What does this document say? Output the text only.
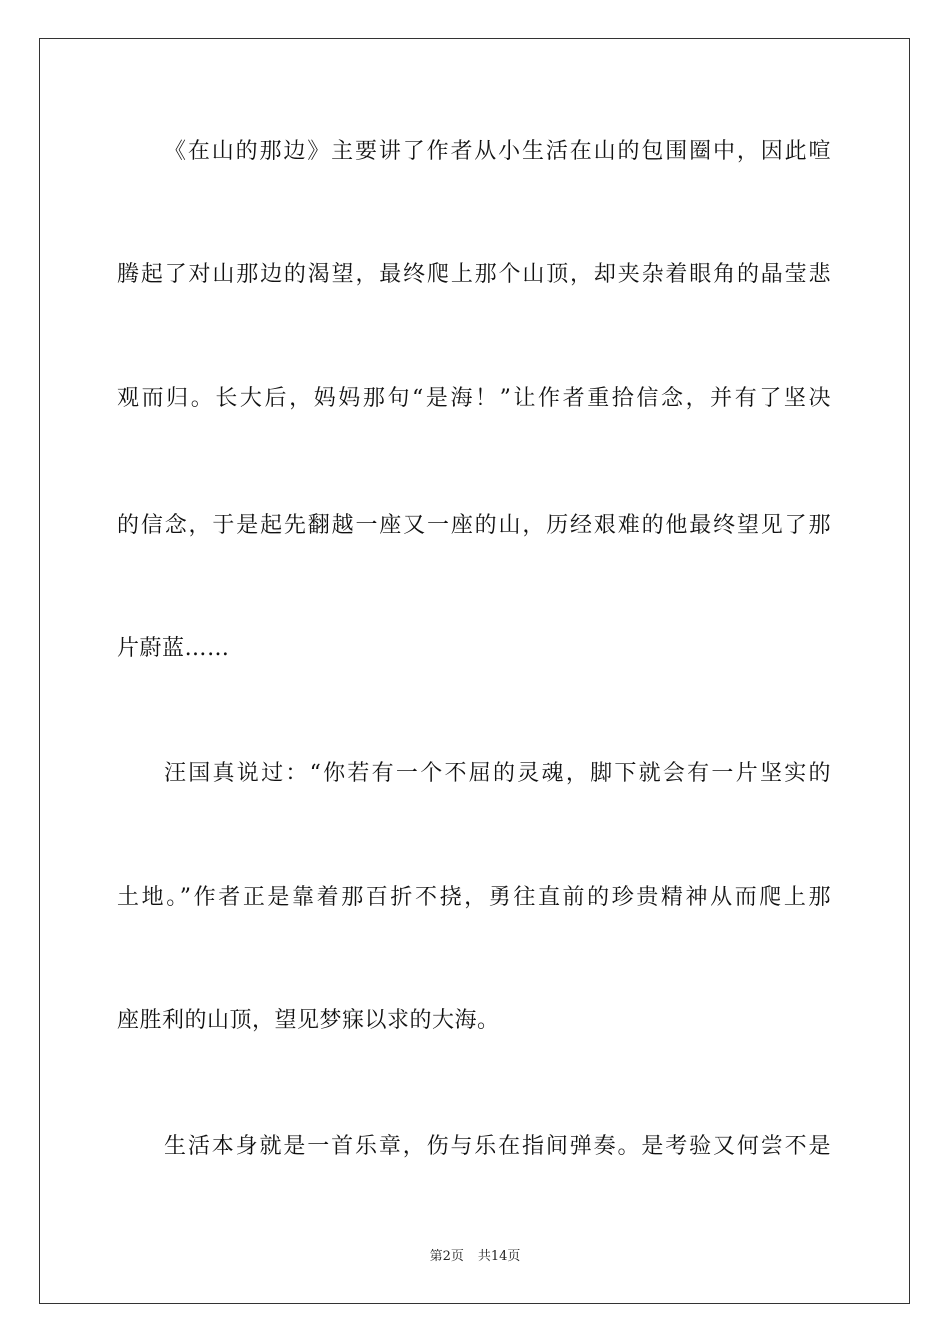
《在山的那边》主要讲了作者从小生活在山的包围圈中，因此喧
腾起了对山那边的渴望，最终爬上那个山顶，却夹杂着眼角的晶莹悲
观而归。长大后，妈妈那句“是海！”让作者重拾信念，并有了坚决
的信念，于是起先翻越一座又一座的山，历经艰难的他最终望见了那
片蔚蓝……
汪国真说过：“你若有一个不屈的灵魂，脚下就会有一片坚实的
土地。”作者正是靠着那百折不挠，勇往直前的珍贵精神从而爬上那
座胜利的山顶，望见梦寐以求的大海。
生活本身就是一首乐章，伤与乐在指间弹奏。是考验又何尝不是
第2页 共14页
